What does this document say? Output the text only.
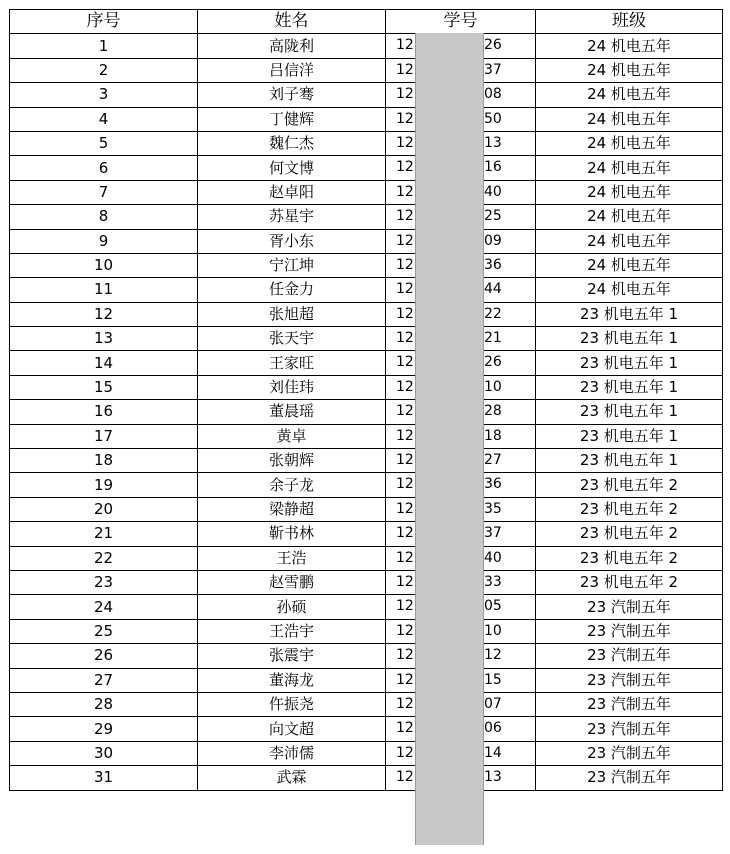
序号	姓名	学号	班级
1	高陇利	12 26	24 机电五年
2	吕信洋	12 37	24 机电五年
3	刘子骞	12 08	24 机电五年
4	丁健辉	12 50	24 机电五年
5	魏仁杰	12 13	24 机电五年
6	何文博	12 16	24 机电五年
7	赵卓阳	12 40	24 机电五年
8	苏星宇	12 25	24 机电五年
9	胥小东	12 09	24 机电五年
10	宁江坤	12 36	24 机电五年
11	任金力	12 44	24 机电五年
12	张旭超	12 22	23 机电五年 1
13	张天宇	12 21	23 机电五年 1
14	王家旺	12 26	23 机电五年 1
15	刘佳玮	12 10	23 机电五年 1
16	董晨瑶	12 28	23 机电五年 1
17	黄卓	12 18	23 机电五年 1
18	张朝辉	12 27	23 机电五年 1
19	余子龙	12 36	23 机电五年 2
20	梁静超	12 35	23 机电五年 2
21	靳书林	12 37	23 机电五年 2
22	王浩	12 40	23 机电五年 2
23	赵雪鹏	12 33	23 机电五年 2
24	孙硕	12 05	23 汽制五年
25	王浩宇	12 10	23 汽制五年
26	张震宇	12 12	23 汽制五年
27	董海龙	12 15	23 汽制五年
28	仵振尧	12 07	23 汽制五年
29	向文超	12 06	23 汽制五年
30	李沛儒	12 14	23 汽制五年
31	武霖	12 13	23 汽制五年
